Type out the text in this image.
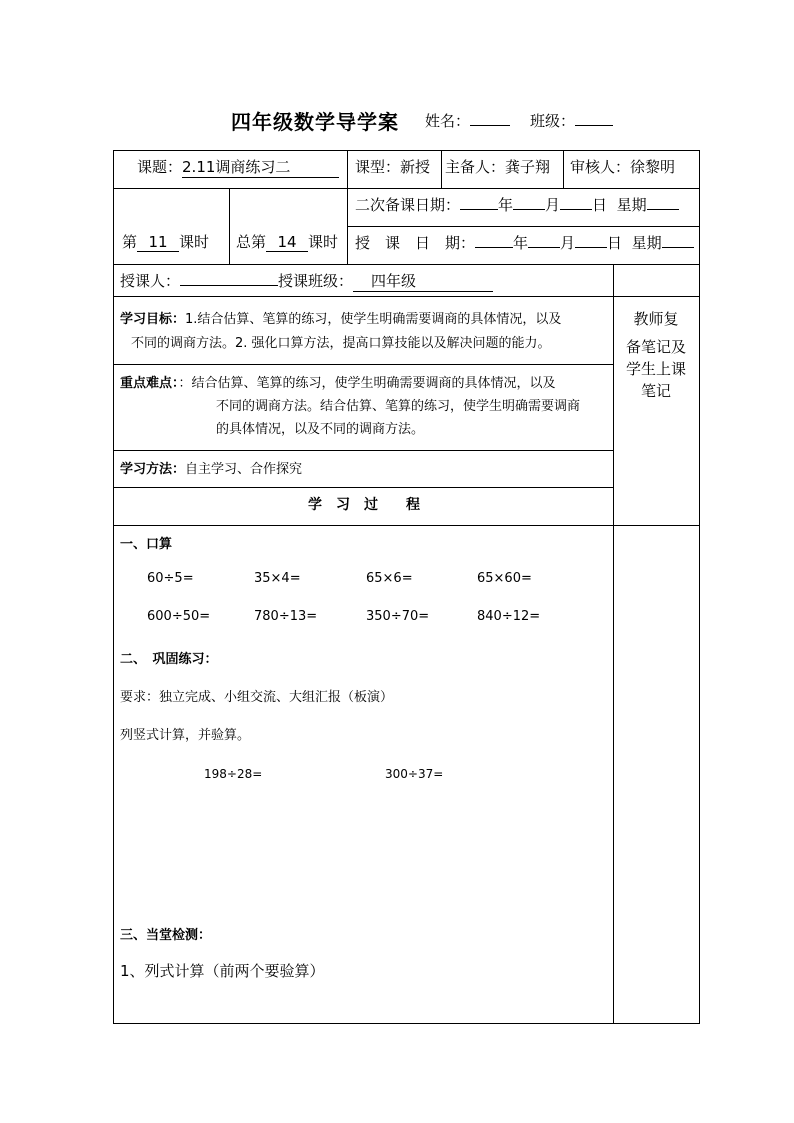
四年级数学导学案 姓名：	班级：
课题：2.11调商练习二	课型：新授 主备人：龚子翔 审核人：徐黎明
第 11 课时 总第 14 课时
二次备课日期：	年 月 日 星期
授　课　日　期：	年 月 日 星期
授课人：	授课班级： 四年级
学习目标：1.结合估算、笔算的练习，使学生明确需要调商的具体情况，以及
不同的调商方法。2. 强化口算方法，提高口算技能以及解决问题的能力。
重点难点：：结合估算、笔算的练习，使学生明确需要调商的具体情况，以及
不同的调商方法。结合估算、笔算的练习，使学生明确需要调商
的具体情况，以及不同的调商方法。
学习方法：自主学习、合作探究
学　习　过　　程
教师复
备笔记及
学生上课
笔记
一、口算
60÷5=	35×4=	65×6=	65×60=
600÷50=	780÷13=	350÷70=	840÷12=
二、　巩固练习：
要求：独立完成、小组交流、大组汇报（板演）
列竖式计算，并验算。
198÷28=	300÷37=
三、当堂检测：
1、列式计算（前两个要验算）
